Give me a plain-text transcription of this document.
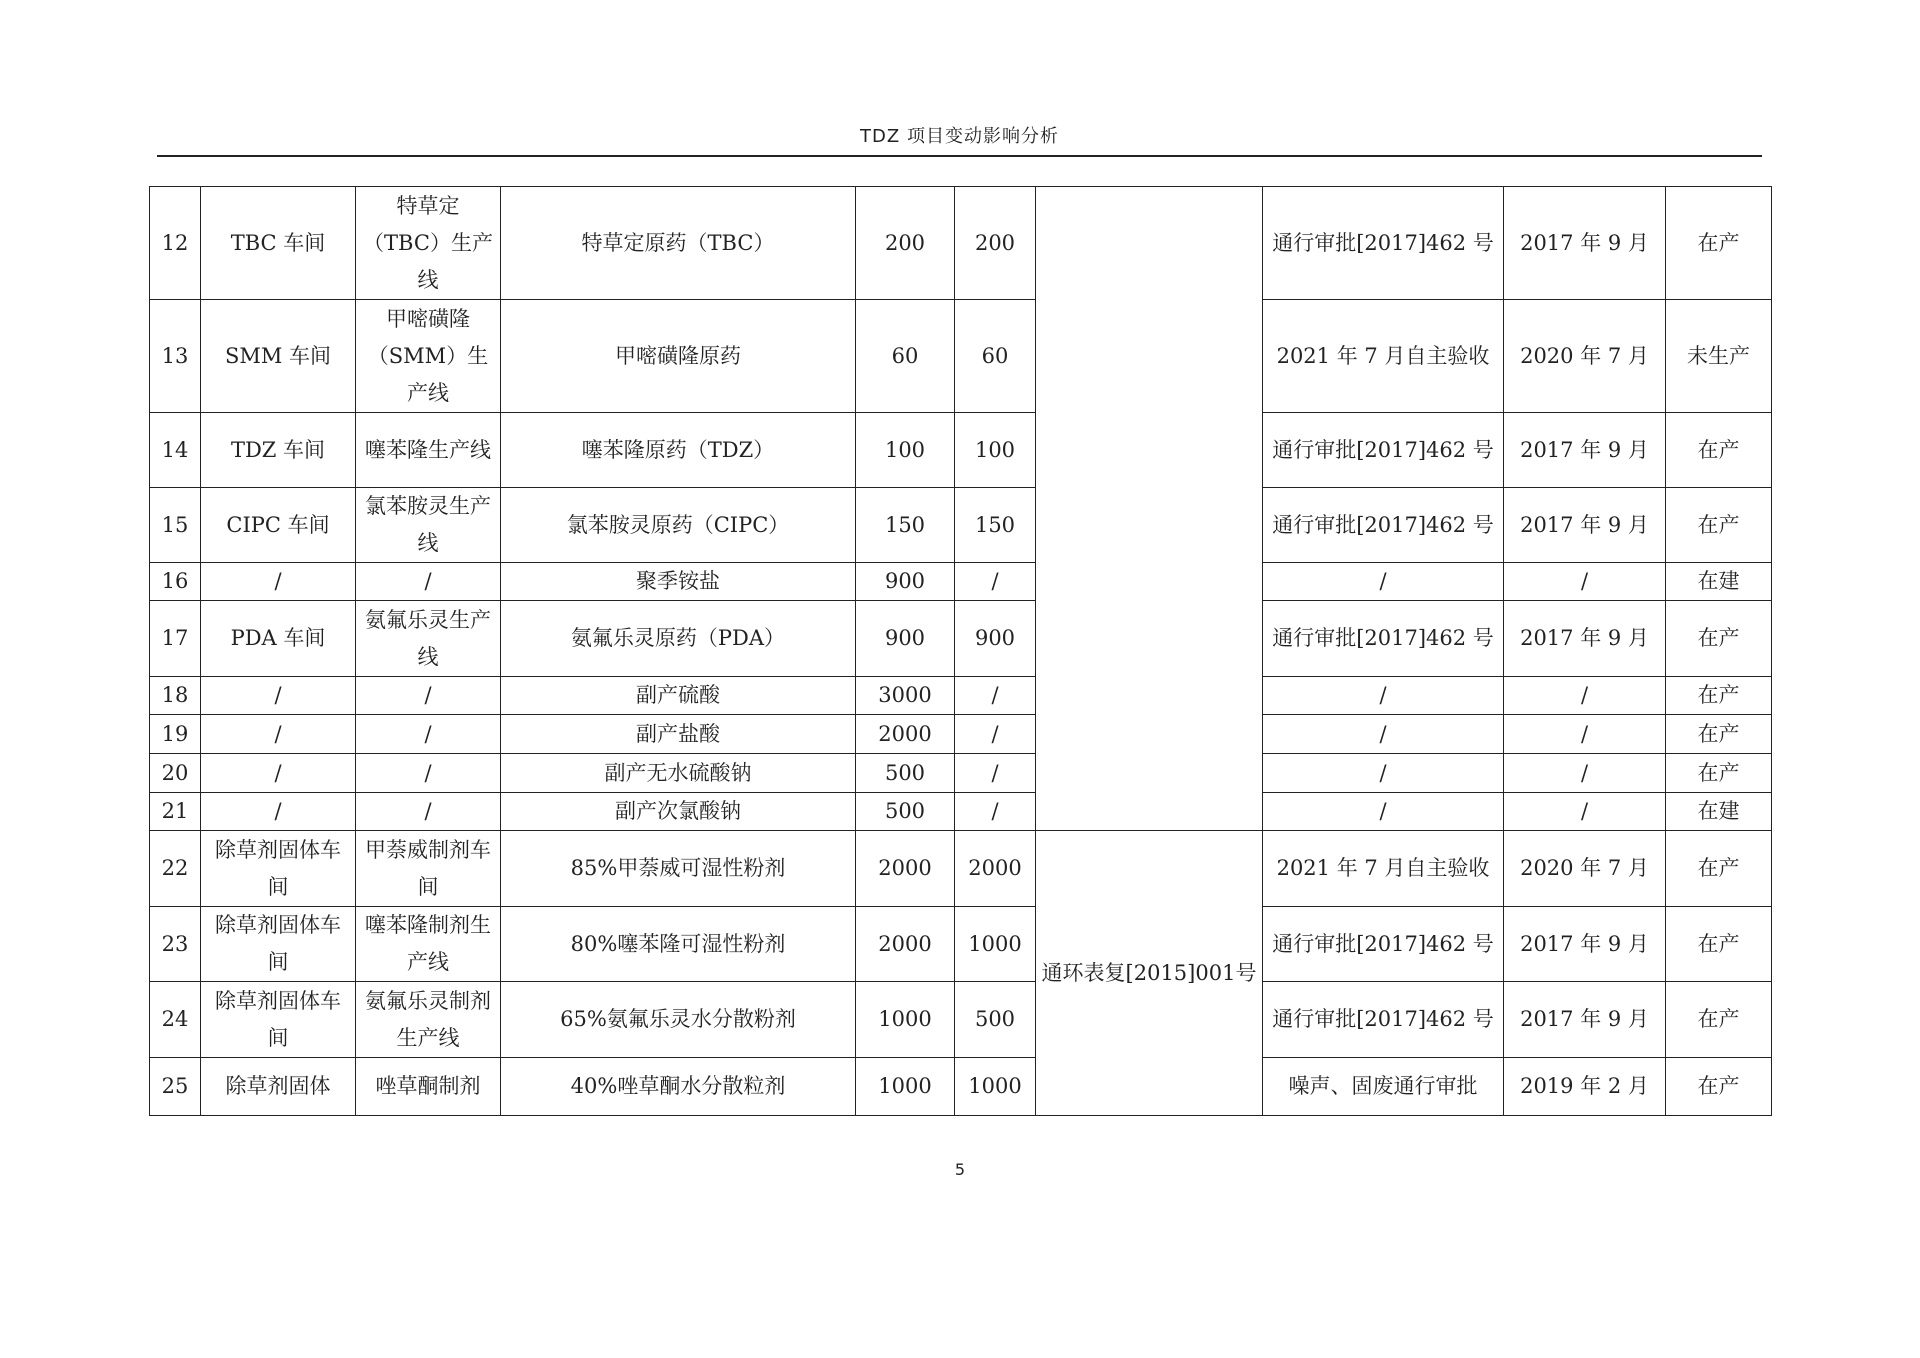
TDZ 项目变动影响分析
12	TBC 车间	特草定（TBC）生产线	特草定原药（TBC）	200	200		通行审批[2017]462 号	2017 年 9 月	在产
13	SMM 车间	甲嘧磺隆（SMM）生产线	甲嘧磺隆原药	60	60		2021 年 7 月自主验收	2020 年 7 月	未生产
14	TDZ 车间	噻苯隆生产线	噻苯隆原药（TDZ）	100	100		通行审批[2017]462 号	2017 年 9 月	在产
15	CIPC 车间	氯苯胺灵生产线	氯苯胺灵原药（CIPC）	150	150		通行审批[2017]462 号	2017 年 9 月	在产
16	/	/	聚季铵盐	900	/		/	/	在建
17	PDA 车间	氨氟乐灵生产线	氨氟乐灵原药（PDA）	900	900		通行审批[2017]462 号	2017 年 9 月	在产
18	/	/	副产硫酸	3000	/		/	/	在产
19	/	/	副产盐酸	2000	/		/	/	在产
20	/	/	副产无水硫酸钠	500	/		/	/	在产
21	/	/	副产次氯酸钠	500	/		/	/	在建
22	除草剂固体车间	甲萘威制剂车间	85%甲萘威可湿性粉剂	2000	2000	通环表复[2015]001号	2021 年 7 月自主验收	2020 年 7 月	在产
23	除草剂固体车间	噻苯隆制剂生产线	80%噻苯隆可湿性粉剂	2000	1000		通行审批[2017]462 号	2017 年 9 月	在产
24	除草剂固体车间	氨氟乐灵制剂生产线	65%氨氟乐灵水分散粉剂	1000	500		通行审批[2017]462 号	2017 年 9 月	在产
25	除草剂固体	唑草酮制剂	40%唑草酮水分散粒剂	1000	1000		噪声、固废通行审批	2019 年 2 月	在产
5
